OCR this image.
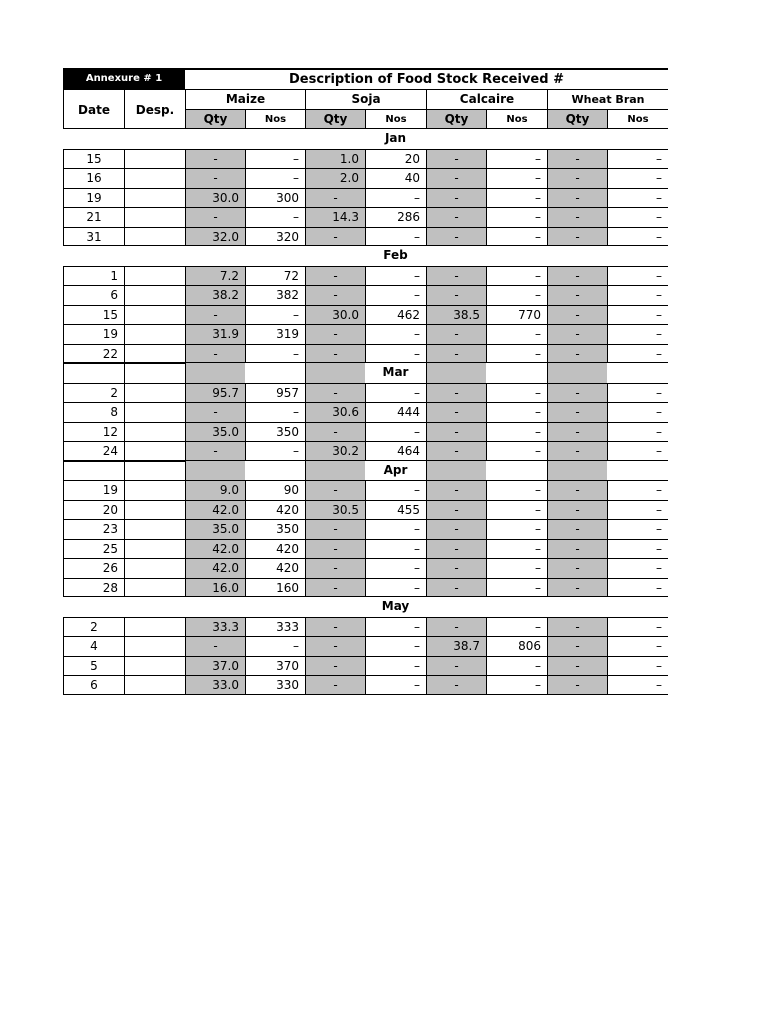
Annexure # 1	Description of Food Stock Received #
Date	Desp.
Maize	Soja	Calcaire	Wheat Bran
Qty	Nos	Qty	Nos	Qty	Nos	Qty	Nos
Jan
15	-	–	1.0	20	-	–	-	–
16	-	–	2.0	40	-	–	-	–
19	30.0	300	-	–	-	–	-	–
21	-	–	14.3	286	-	–	-	–
31	32.0	320	-	–	-	–	-	–
Feb
1	7.2	72	-	–	-	–	-	–
6	38.2	382	-	–	-	–	-	–
15	-	–	30.0	462	38.5	770	-	–
19	31.9	319	-	–	-	–	-	–
22	-	–	-	–	-	–	-	–
Mar
2	95.7	957	-	–	-	–	-	–
8	-	–	30.6	444	-	–	-	–
12	35.0	350	-	–	-	–	-	–
24	-	–	30.2	464	-	–	-	–
Apr
19	9.0	90	-	–	-	–	-	–
20	42.0	420	30.5	455	-	–	-	–
23	35.0	350	-	–	-	–	-	–
25	42.0	420	-	–	-	–	-	–
26	42.0	420	-	–	-	–	-	–
28	16.0	160	-	–	-	–	-	–
May
2	33.3	333	-	–	-	–	-	–
4	-	–	-	–	38.7	806	-	–
5	37.0	370	-	–	-	–	-	–
6	33.0	330	-	–	-	–	-	–
